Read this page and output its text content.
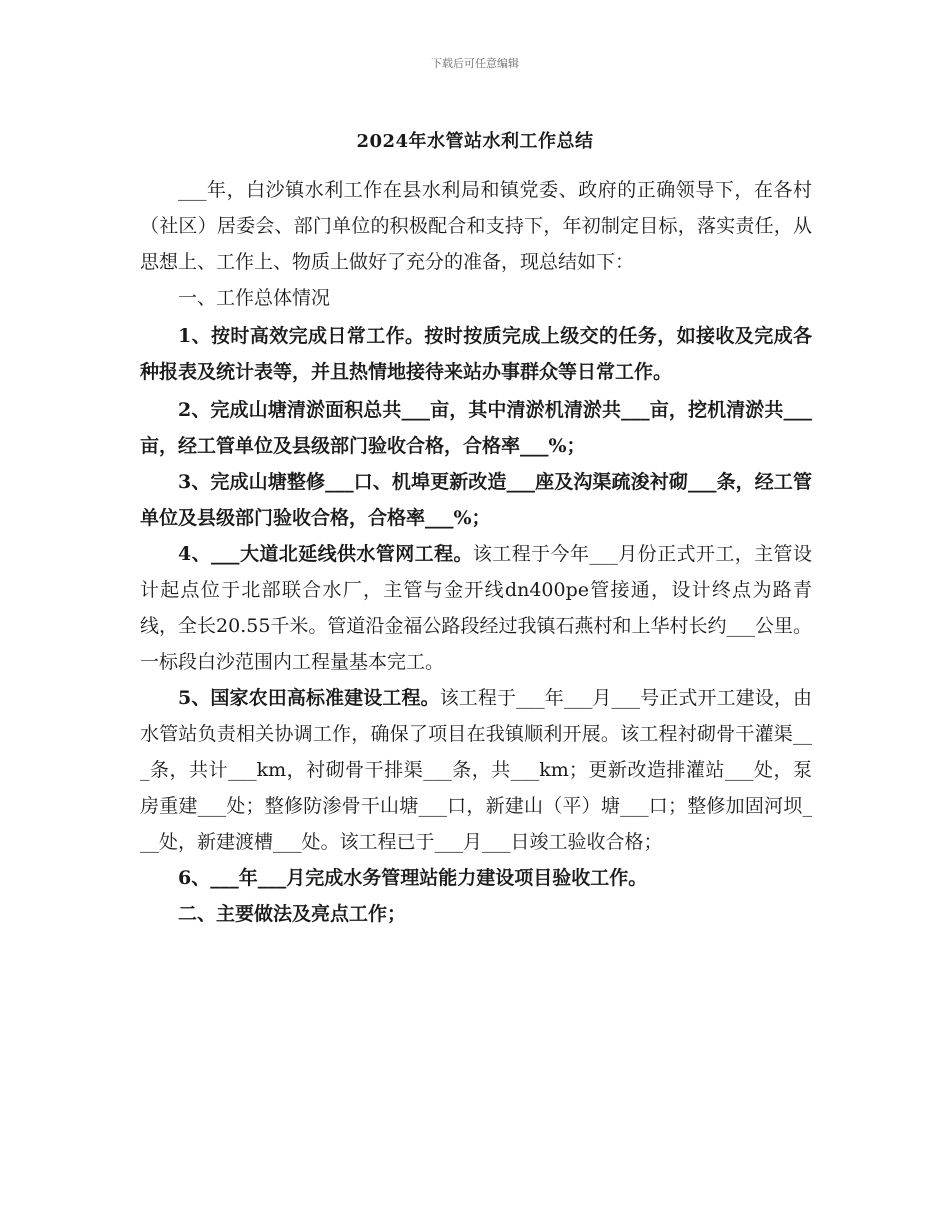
下载后可任意编辑
2024年水管站水利工作总结

___年，白沙镇水利工作在县水利局和镇党委、政府的正确领导下，在各村（社区）居委会、部门单位的积极配合和支持下，年初制定目标，落实责任，从思想上、工作上、物质上做好了充分的准备，现总结如下：

一、工作总体情况

1、按时高效完成日常工作。按时按质完成上级交的任务，如接收及完成各种报表及统计表等，并且热情地接待来站办事群众等日常工作。

2、完成山塘清淤面积总共___亩，其中清淤机清淤共___亩，挖机清淤共___亩，经工管单位及县级部门验收合格，合格率___%；

3、完成山塘整修___口、机埠更新改造___座及沟渠疏浚衬砌___条，经工管单位及县级部门验收合格，合格率___%；

4、___大道北延线供水管网工程。该工程于今年___月份正式开工，主管设计起点位于北部联合水厂，主管与金开线dn400pe管接通，设计终点为路青线，全长20.55千米。管道沿金福公路段经过我镇石燕村和上华村长约___公里。一标段白沙范围内工程量基本完工。

5、国家农田高标准建设工程。该工程于___年___月___号正式开工建设，由水管站负责相关协调工作，确保了项目在我镇顺利开展。该工程衬砌骨干灌渠___条，共计___km，衬砌骨干排渠___条，共___km；更新改造排灌站___处，泵房重建___处；整修防渗骨干山塘___口，新建山（平）塘___口；整修加固河坝___处，新建渡槽___处。该工程已于___月___日竣工验收合格；

6、___年___月完成水务管理站能力建设项目验收工作。

二、主要做法及亮点工作；
